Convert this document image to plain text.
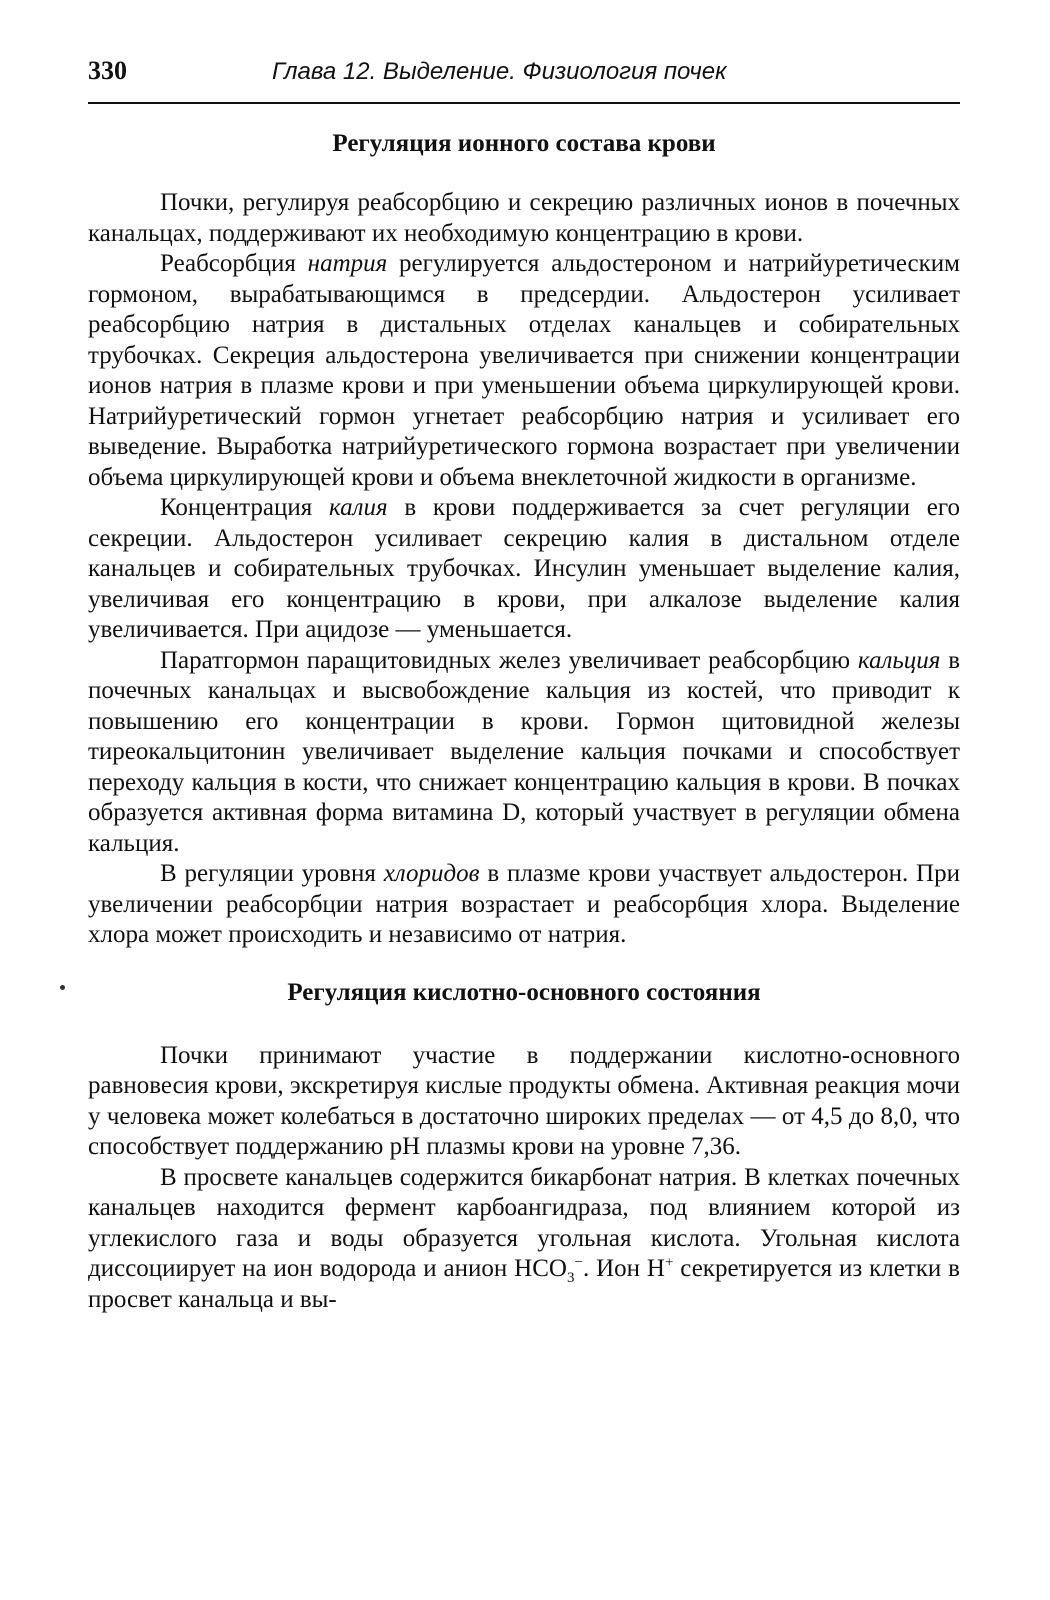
330	Глава 12. Выделение. Физиология почек
Регуляция ионного состава крови

Почки, регулируя реабсорбцию и секрецию различных ионов в почечных канальцах, поддерживают их необходимую концентрацию в крови.

Реабсорбция натрия регулируется альдостероном и натрийуретическим гормоном, вырабатывающимся в предсердии. Альдостерон усиливает реабсорбцию натрия в дистальных отделах канальцев и собирательных трубочках. Секреция альдостерона увеличивается при снижении концентрации ионов натрия в плазме крови и при уменьшении объема циркулирующей крови. Натрийуретический гормон угнетает реабсорбцию натрия и усиливает его выведение. Выработка натрийуретического гормона возрастает при увеличении объема циркулирующей крови и объема внеклеточной жидкости в организме.

Концентрация калия в крови поддерживается за счет регуляции его секреции. Альдостерон усиливает секрецию калия в дистальном отделе канальцев и собирательных трубочках. Инсулин уменьшает выделение калия, увеличивая его концентрацию в крови, при алкалозе выделение калия увеличивается. При ацидозе — уменьшается.

Паратгормон паращитовидных желез увеличивает реабсорбцию кальция в почечных канальцах и высвобождение кальция из костей, что приводит к повышению его концентрации в крови. Гормон щитовидной железы тиреокальцитонин увеличивает выделение кальция почками и способствует переходу кальция в кости, что снижает концентрацию кальция в крови. В почках образуется активная форма витамина D, который участвует в регуляции обмена кальция.

В регуляции уровня хлоридов в плазме крови участвует альдостерон. При увеличении реабсорбции натрия возрастает и реабсорбция хлора. Выделение хлора может происходить и независимо от натрия.

Регуляция кислотно-основного состояния

Почки принимают участие в поддержании кислотно-основного равновесия крови, экскретируя кислые продукты обмена. Активная реакция мочи у человека может колебаться в достаточно широких пределах — от 4,5 до 8,0, что способствует поддержанию pH плазмы крови на уровне 7,36.

В просвете канальцев содержится бикарбонат натрия. В клетках почечных канальцев находится фермент карбоангидраза, под влиянием которой из углекислого газа и воды образуется угольная кислота. Угольная кислота диссоциирует на ион водорода и анион $HCO_3^-$. Ион H+ секретируется из клетки в просвет канальца и вы-
